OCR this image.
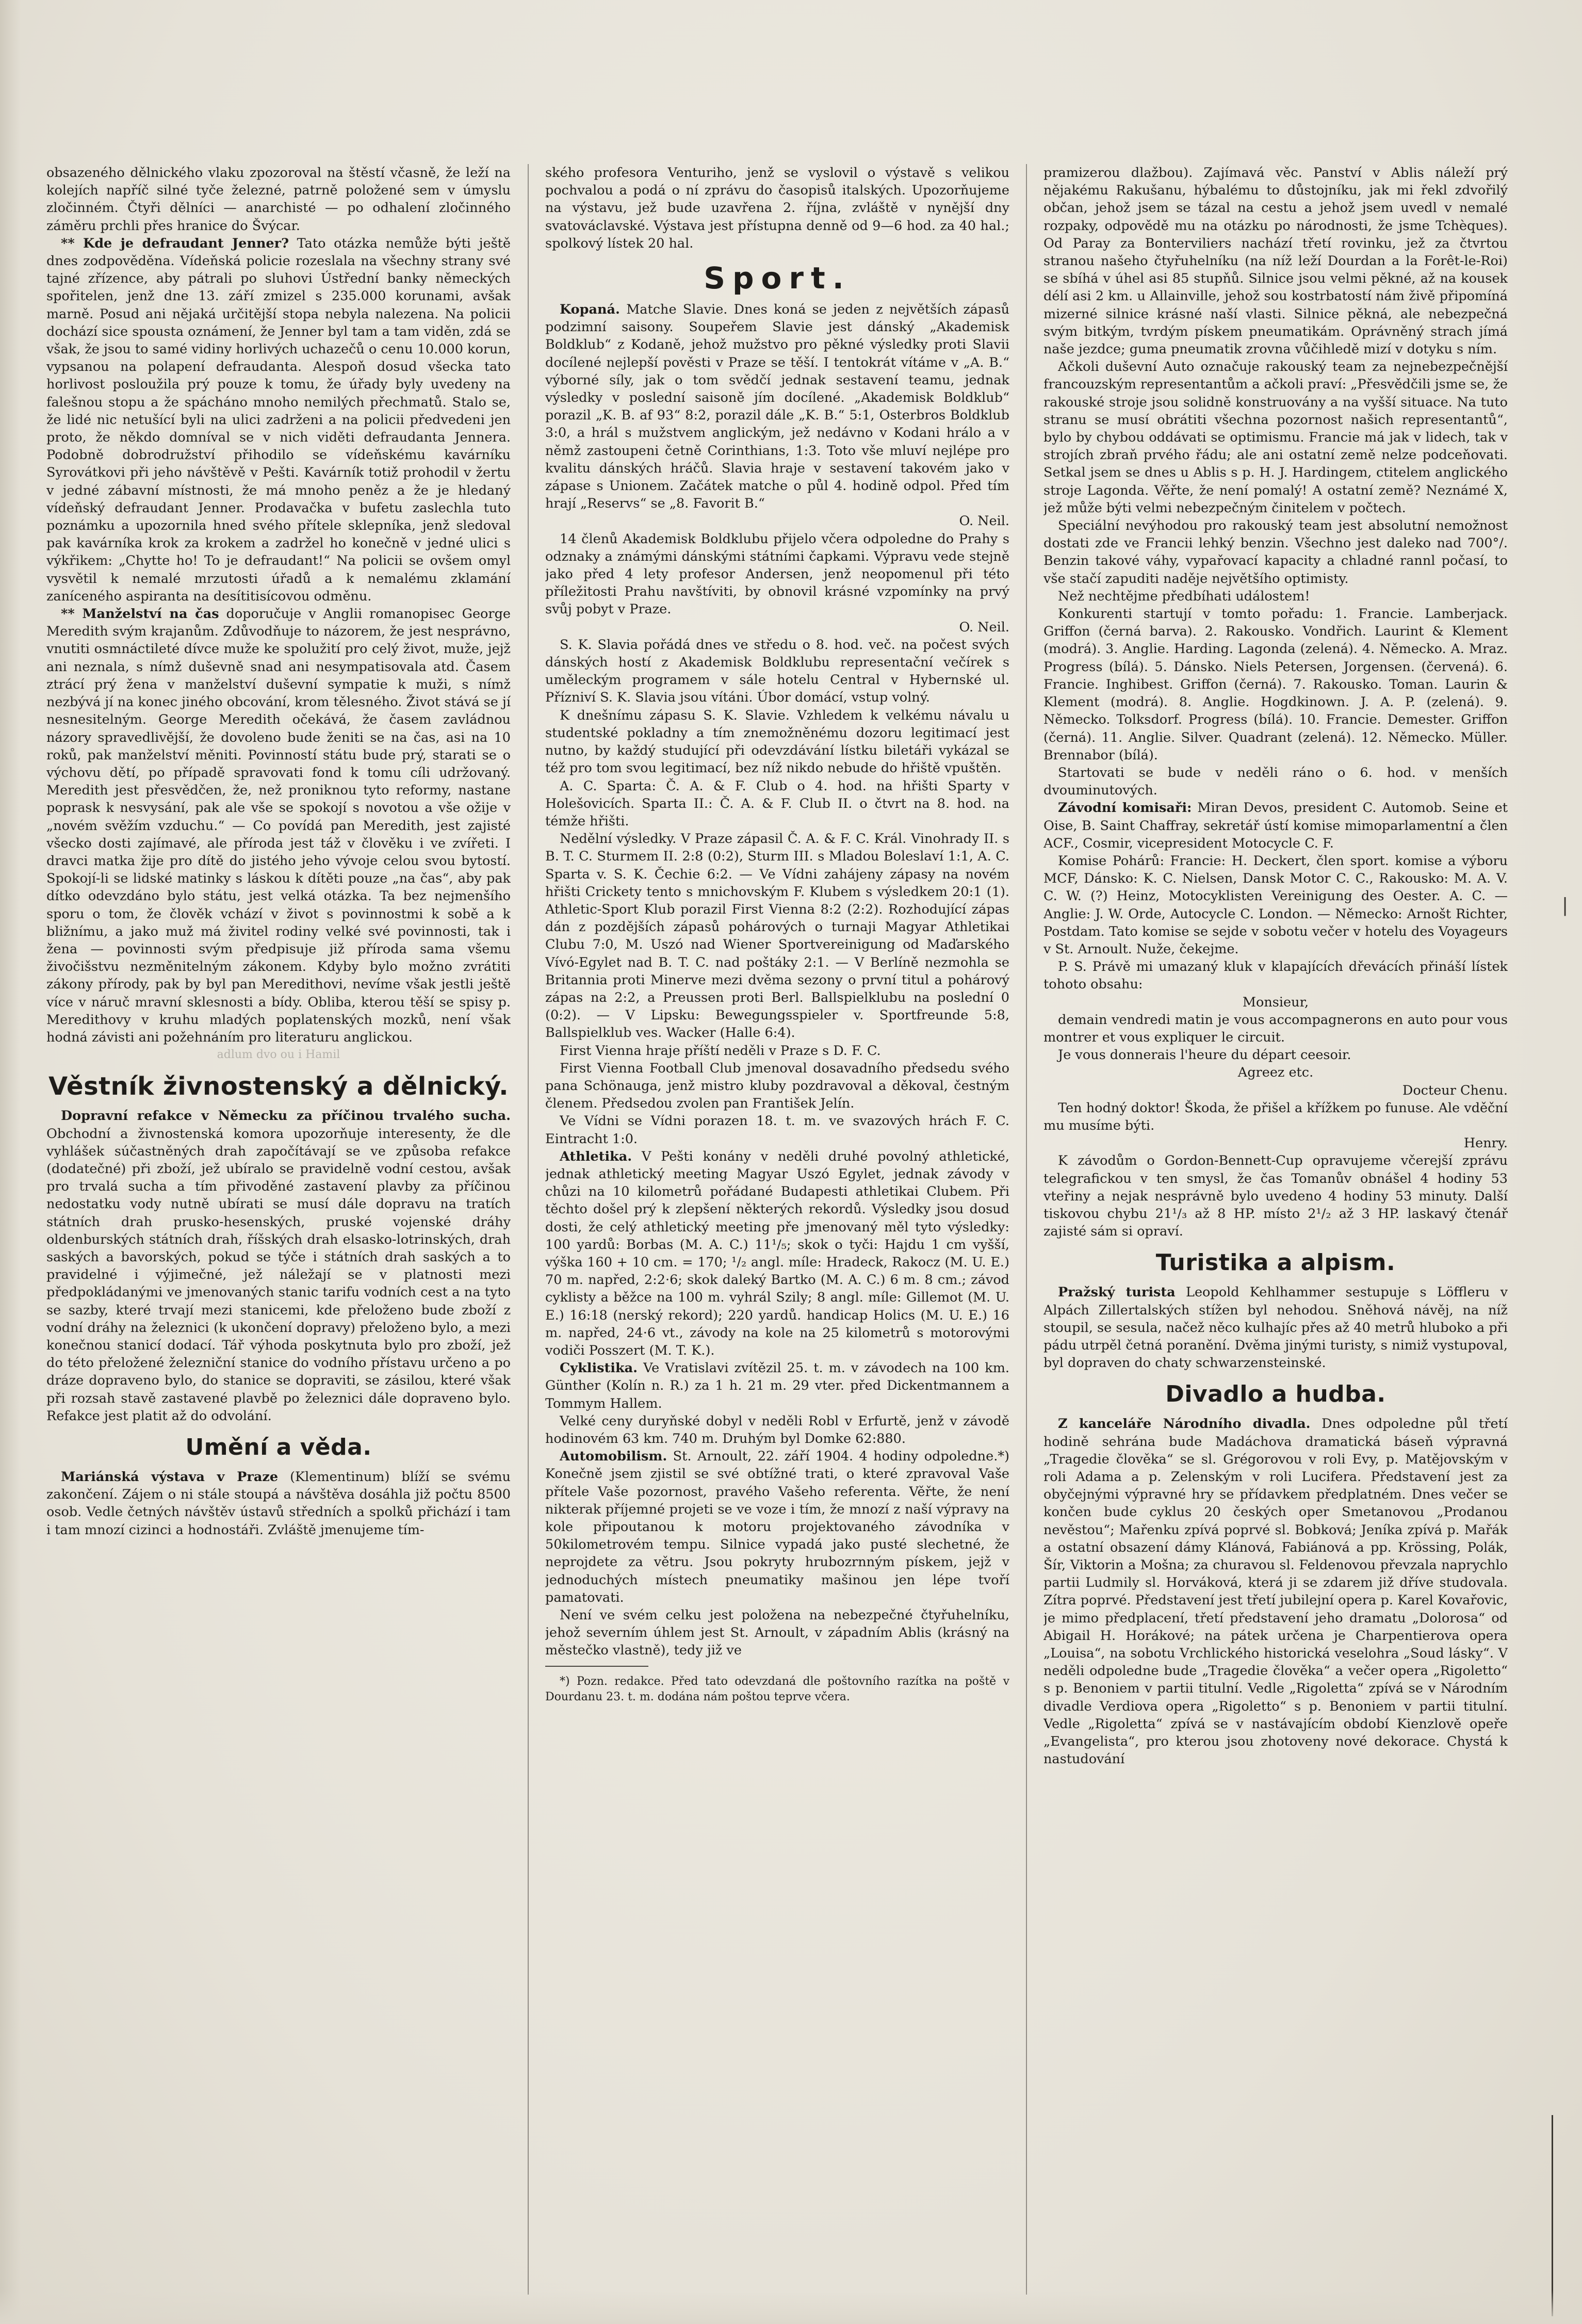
obsazeného dělnického vlaku zpozoroval na štěstí včasně, že leží na kolejích napříč silné tyče železné, patrně položené sem v úmyslu zločinném. Čtyři dělníci — anarchisté — po odhalení zločinného záměru prchli přes hranice do Švýcar.

** Kde je defraudant Jenner? Tato otázka nemůže býti ještě dnes zodpověděna. Vídeňská policie rozeslala na všechny strany své tajné zřízence, aby pátrali po sluhovi Ústřední banky německých spořitelen, jenž dne 13. září zmizel s 235.000 korunami, avšak marně. Posud ani nějaká určitější stopa nebyla nalezena. Na policii dochází sice spousta oznámení, že Jenner byl tam a tam viděn, zdá se však, že jsou to samé vidiny horlivých uchazečů o cenu 10.000 korun, vypsanou na polapení defraudanta. Alespoň dosud všecka tato horlivost posloužila prý pouze k tomu, že úřady byly uvedeny na falešnou stopu a že spácháno mnoho nemilých přechmatů. Stalo se, že lidé nic netušící byli na ulici zadrženi a na policii předvedeni jen proto, že někdo domníval se v nich viděti defraudanta Jennera. Podobně dobrodružství přihodilo se vídeňskému kavárníku Syrovátkovi při jeho návštěvě v Pešti. Kavárník totiž prohodil v žertu v jedné zábavní místnosti, že má mnoho peněz a že je hledaný vídeňský defraudant Jenner. Prodavačka v bufetu zaslechla tuto poznámku a upozornila hned svého přítele sklepníka, jenž sledoval pak kavárníka krok za krokem a zadržel ho konečně v jedné ulici s výkřikem: „Chytte ho! To je defraudant!“ Na policii se ovšem omyl vysvětil k nemalé mrzutosti úřadů a k nemalému zklamání zaníceného aspiranta na desítitisícovou odměnu.

** Manželství na čas doporučuje v Anglii romanopisec George Meredith svým krajanům. Zdůvodňuje to názorem, že jest nesprávno, vnutiti osmnáctileté dívce muže ke spolužití pro celý život, muže, jejž ani neznala, s nímž duševně snad ani nesympatisovala atd. Časem ztrácí prý žena v manželství duševní sympatie k muži, s nímž nezbývá jí na konec jiného obcování, krom tělesného. Život stává se jí nesnesitelným. George Meredith očekává, že časem zavládnou názory spravedlivější, že dovoleno bude ženiti se na čas, asi na 10 roků, pak manželství měniti. Povinností státu bude prý, starati se o výchovu dětí, po případě spravovati fond k tomu cíli udržovaný. Meredith jest přesvědčen, že, než proniknou tyto reformy, nastane poprask k nesvysání, pak ale vše se spokojí s novotou a vše ožije v „novém svěžím vzduchu.“ — Co povídá pan Meredith, jest zajisté všecko dosti zajímavé, ale příroda jest táž v člověku i ve zvířeti. I dravci matka žije pro dítě do jistého jeho vývoje celou svou bytostí. Spokojí-li se lidské matinky s láskou k dítěti pouze „na čas“, aby pak dítko odevzdáno bylo státu, jest velká otázka. Ta bez nejmenšího sporu o tom, že člověk vchází v život s povinnostmi k sobě a k bližnímu, a jako muž má živitel rodiny velké své povinnosti, tak i žena — povinnosti svým předpisuje již příroda sama všemu živočišstvu nezměnitelným zákonem. Kdyby bylo možno zvrátiti zákony přírody, pak by byl pan Meredithovi, nevíme však jestli ještě více v náruč mravní sklesnosti a bídy. Obliba, kterou těší se spisy p. Meredithovy v kruhu mladých poplatenských mozků, není však hodná závisti ani požehnáním pro literaturu anglickou.

adlum dvo ou i Hamil

Věstník živnostenský a dělnický.

Dopravní refakce v Německu za příčinou trvalého sucha. Obchodní a živnostenská komora upozorňuje interesenty, že dle vyhlášek súčastněných drah započítávají se ve způsoba refakce (dodatečné) při zboží, jež ubíralo se pravidelně vodní cestou, avšak pro trvalá sucha a tím přivoděné zastavení plavby za příčinou nedostatku vody nutně ubírati se musí dále dopravu na tratích státních drah prusko-hesenských, pruské vojenské dráhy oldenburských státních drah, říšských drah elsasko-lotrinských, drah saských a bavorských, pokud se týče i státních drah saských a to pravidelné i výjimečné, jež náležají se v platnosti mezi předpokládanými ve jmenovaných stanic tarifu vodních cest a na tyto se sazby, které trvají mezi stanicemi, kde přeloženo bude zboží z vodní dráhy na železnici (k ukončení dopravy) přeloženo bylo, a mezi konečnou stanicí dodací. Tář výhoda poskytnuta bylo pro zboží, jež do této přeložené železniční stanice do vodního přístavu určeno a po dráze dopraveno bylo, do stanice se dopraviti, se zásilou, které však při rozsah stavě zastavené plavbě po železnici dále dopraveno bylo. Refakce jest platit až do odvolání.

Umění a věda.

Mariánská výstava v Praze (Klementinum) blíží se svému zakončení. Zájem o ni stále stoupá a návštěva dosáhla již počtu 8500 osob. Vedle četných návštěv ústavů středních a spolků přichází i tam i tam mnozí cizinci a hodnostáři. Zvláště jmenujeme tím-

ského profesora Venturiho, jenž se vyslovil o výstavě s velikou pochvalou a podá o ní zprávu do časopisů italských. Upozorňujeme na výstavu, jež bude uzavřena 2. října, zvláště v nynější dny svatováclavské. Výstava jest přístupna denně od 9—6 hod. za 40 hal.; spolkový lístek 20 hal.

Sport.

Kopaná. Matche Slavie. Dnes koná se jeden z největších zápasů podzimní saisony. Soupeřem Slavie jest dánský „Akademisk Boldklub“ z Kodaně, jehož mužstvo pro pěkné výsledky proti Slavii docílené nejlepší pověsti v Praze se těší. I tentokrát vítáme v „A. B.“ výborné síly, jak o tom svědčí jednak sestavení teamu, jednak výsledky v poslední saisoně jím docílené. „Akademisk Boldklub“ porazil „K. B. af 93“ 8:2, porazil dále „K. B.“ 5:1, Osterbros Boldklub 3:0, a hrál s mužstvem anglickým, jež nedávno v Kodani hrálo a v němž zastoupeni četně Corinthians, 1:3. Toto vše mluví nejlépe pro kvalitu dánských hráčů. Slavia hraje v sestavení takovém jako v zápase s Unionem. Začátek matche o půl 4. hodině odpol. Před tím hrají „Reservs“ se „8. Favorit B.“

O. Neil.

14 členů Akademisk Boldklubu přijelo včera odpoledne do Prahy s odznaky a známými dánskými státními čapkami. Výpravu vede stejně jako před 4 lety profesor Andersen, jenž neopomenul při této příležitosti Prahu navštíviti, by obnovil krásné vzpomínky na prvý svůj pobyt v Praze.

O. Neil.

S. K. Slavia pořádá dnes ve středu o 8. hod. več. na počest svých dánských hostí z Akademisk Boldklubu representační večírek s uměleckým programem v sále hotelu Central v Hybernské ul. Přízniví S. K. Slavia jsou vítáni. Úbor domácí, vstup volný.

K dnešnímu zápasu S. K. Slavie. Vzhledem k velkému návalu u studentské pokladny a tím znemožněnému dozoru legitimací jest nutno, by každý studující při odevzdávání lístku biletáři vykázal se též pro tom svou legitimací, bez níž nikdo nebude do hřiště vpuštěn.

A. C. Sparta: Č. A. & F. Club o 4. hod. na hřišti Sparty v Holešovicích. Sparta II.: Č. A. & F. Club II. o čtvrt na 8. hod. na témže hřišti.

Nedělní výsledky. V Praze zápasil Č. A. & F. C. Král. Vinohrady II. s B. T. C. Sturmem II. 2:8 (0:2), Sturm III. s Mladou Boleslaví 1:1, A. C. Sparta v. S. K. Čechie 6:2. — Ve Vídni zahájeny zápasy na novém hřišti Crickety tento s mnichovským F. Klubem s výsledkem 20:1 (1). Athletic-Sport Klub porazil First Vienna 8:2 (2:2). Rozhodující zápas dán z pozdějších zápasů pohárových o turnaji Magyar Athletikai Clubu 7:0, M. Uszó nad Wiener Sportvereinigung od Maďarského Vívó-Egylet nad B. T. C. nad poštáky 2:1. — V Berlíně nezmohla se Britannia proti Minerve mezi dvěma sezony o první titul a pohárový zápas na 2:2, a Preussen proti Berl. Ballspielklubu na poslední 0 (0:2). — V Lipsku: Bewegungsspieler v. Sportfreunde 5:8, Ballspielklub ves. Wacker (Halle 6:4).

First Vienna hraje příští neděli v Praze s D. F. C.

First Vienna Football Club jmenoval dosavadního předsedu svého pana Schönauga, jenž mistro kluby pozdravoval a děkoval, čestným členem. Předsedou zvolen pan František Jelín.

Ve Vídni se Vídni porazen 18. t. m. ve svazových hrách F. C. Eintracht 1:0.

Athletika. V Pešti konány v neděli druhé povolný athletické, jednak athletický meeting Magyar Uszó Egylet, jednak závody v chůzi na 10 kilometrů pořádané Budapesti athletikai Clubem. Při těchto došel prý k zlepšení některých rekordů. Výsledky jsou dosud dosti, že celý athletický meeting pře jmenovaný měl tyto výsledky: 100 yardů: Borbas (M. A. C.) 11¹/₅; skok o tyči: Hajdu 1 cm vyšší, výška 160 + 10 cm. = 170; ¹/₂ angl. míle: Hradeck, Rakocz (M. U. E.) 70 m. napřed, 2:2·6; skok daleký Bartko (M. A. C.) 6 m. 8 cm.; závod cyklisty a běžce na 100 m. vyhrál Szily; 8 angl. míle: Gillemot (M. U. E.) 16:18 (nerský rekord); 220 yardů. handicap Holics (M. U. E.) 16 m. napřed, 24·6 vt., závody na kole na 25 kilometrů s motorovými vodiči Posszert (M. T. K.).

Cyklistika. Ve Vratislavi zvítězil 25. t. m. v závodech na 100 km. Günther (Kolín n. R.) za 1 h. 21 m. 29 vter. před Dickentmannem a Tommym Hallem.

Velké ceny duryňské dobyl v neděli Robl v Erfurtě, jenž v závodě hodinovém 63 km. 740 m. Druhým byl Domke 62:880.

Automobilism. St. Arnoult, 22. září 1904. 4 hodiny odpoledne.*) Konečně jsem zjistil se své obtížné trati, o které zpravoval Vaše přítele Vaše pozornost, pravého Vašeho referenta. Věřte, že není nikterak příjemné projeti se ve voze i tím, že mnozí z naší výpravy na kole připoutanou k motoru projektovaného závodníka v 50kilometrovém tempu. Silnice vypadá jako pusté slechetné, že neprojdete za větru. Jsou pokryty hrubozrnným pískem, jejž v jednoduchých místech pneumatiky mašinou jen lépe tvoří pamatovati.

Není ve svém celku jest položena na nebezpečné čtyřuhelníku, jehož severním úhlem jest St. Arnoult, v západním Ablis (krásný na městečko vlastně), tedy již ve

*) Pozn. redakce. Před tato odevzdaná dle poštovního razítka na poště v Dourdanu 23. t. m. dodána nám poštou teprve včera.

pramizerou dlažbou). Zajímavá věc. Panství v Ablis náleží prý nějakému Rakušanu, hýbalému to důstojníku, jak mi řekl zdvořilý občan, jehož jsem se tázal na cestu a jehož jsem uvedl v nemalé rozpaky, odpovědě mu na otázku po národnosti, že jsme Tchèques). Od Paray za Bonterviliers nachází třetí rovinku, jež za čtvrtou stranou našeho čtyřuhelníku (na níž leží Dourdan a la Forêt-le-Roi) se sbíhá v úhel asi 85 stupňů. Silnice jsou velmi pěkné, až na kousek délí asi 2 km. u Allainville, jehož sou kostrbatostí nám živě připomíná mizerné silnice krásné naší vlasti. Silnice pěkná, ale nebezpečná svým bitkým, tvrdým pískem pneumatikám. Oprávněný strach jímá naše jezdce; guma pneumatik zrovna vůčihledě mizí v dotyku s ním.

Ačkoli duševní Auto označuje rakouský team za nejnebezpečnější francouzským representantům a ačkoli praví: „Přesvědčili jsme se, že rakouské stroje jsou solidně konstruovány a na vyšší situace. Na tuto stranu se musí obrátiti všechna pozornost našich representantů“, bylo by chybou oddávati se optimismu. Francie má jak v lidech, tak v strojích zbraň prvého řádu; ale ani ostatní země nelze podceňovati. Setkal jsem se dnes u Ablis s p. H. J. Hardingem, ctitelem anglického stroje Lagonda. Věřte, že není pomalý! A ostatní země? Neznámé X, jež může býti velmi nebezpečným činitelem v počtech.

Speciální nevýhodou pro rakouský team jest absolutní nemožnost dostati zde ve Francii lehký benzin. Všechno jest daleko nad 700°/. Benzin takové váhy, vypařovací kapacity a chladné rannl počasí, to vše stačí zapuditi naděje největšího optimisty.

Než nechtějme předbíhati událostem!

Konkurenti startují v tomto pořadu: 1. Francie. Lamberjack. Griffon (černá barva). 2. Rakousko. Vondřich. Laurint & Klement (modrá). 3. Anglie. Harding. Lagonda (zelená). 4. Německo. A. Mraz. Progress (bílá). 5. Dánsko. Niels Petersen, Jorgensen. (červená). 6. Francie. Inghibest. Griffon (černá). 7. Rakousko. Toman. Laurin & Klement (modrá). 8. Anglie. Hogdkinown. J. A. P. (zelená). 9. Německo. Tolksdorf. Progress (bílá). 10. Francie. Demester. Griffon (černá). 11. Anglie. Silver. Quadrant (zelená). 12. Německo. Müller. Brennabor (bílá).

Startovati se bude v neděli ráno o 6. hod. v menších dvouminutových.

Závodní komisaři: Miran Devos, president C. Automob. Seine et Oise, B. Saint Chaffray, sekretář ústí komise mimoparlamentní a člen ACF., Cosmir, vicepresident Motocycle C. F.

Komise Pohárů: Francie: H. Deckert, člen sport. komise a výboru MCF, Dánsko: K. C. Nielsen, Dansk Motor C. C., Rakousko: M. A. V. C. W. (?) Heinz, Motocyklisten Vereinigung des Oester. A. C. — Anglie: J. W. Orde, Autocycle C. London. — Německo: Arnošt Richter, Postdam. Tato komise se sejde v sobotu večer v hotelu des Voyageurs v St. Arnoult. Nuže, čekejme.

P. S. Právě mi umazaný kluk v klapajících dřevácích přináší lístek tohoto obsahu:

Monsieur,

demain vendredi matin je vous accompagnerons en auto pour vous montrer et vous expliquer le circuit.

Je vous donnerais l'heure du départ ceesoir.

Agreez etc.

Docteur Chenu.

Ten hodný doktor! Škoda, že přišel a křížkem po funuse. Ale vděční mu musíme býti.

Henry.

K závodům o Gordon-Bennett-Cup opravujeme včerejší zprávu telegrafickou v ten smysl, že čas Tomanův obnášel 4 hodiny 53 vteřiny a nejak nesprávně bylo uvedeno 4 hodiny 53 minuty. Další tiskovou chybu 21¹/₃ až 8 HP. místo 2¹/₂ až 3 HP. laskavý čtenář zajisté sám si opraví.

Turistika a alpism.

Pražský turista Leopold Kehlhammer sestupuje s Löffleru v Alpách Zillertalských stížen byl nehodou. Sněhová návěj, na níž stoupil, se sesula, načež něco kulhajíc přes až 40 metrů hluboko a při pádu utrpěl četná poranění. Dvěma jinými turisty, s nimiž vystupoval, byl dopraven do chaty schwarzensteinské.

Divadlo a hudba.

Z kanceláře Národního divadla. Dnes odpoledne půl třetí hodině sehrána bude Madáchova dramatická báseň výpravná „Tragedie člověka“ se sl. Grégorovou v roli Evy, p. Matějovským v roli Adama a p. Zelenským v roli Lucifera. Představení jest za obyčejnými výpravné hry se přídavkem předplatném. Dnes večer se končen bude cyklus 20 českých oper Smetanovou „Prodanou nevěstou“; Mařenku zpívá poprvé sl. Bobková; Jeníka zpívá p. Mařák a ostatní obsazení dámy Klánová, Fabiánová a pp. Krössing, Polák, Šír, Viktorin a Mošna; za churavou sl. Feldenovou převzala naprychlo partii Ludmily sl. Horváková, která ji se zdarem již dříve studovala. Zítra poprvé. Představení jest třetí jubilejní opera p. Karel Kovařovic, je mimo předplacení, třetí představení jeho dramatu „Dolorosa“ od Abigail H. Horákové; na pátek určena je Charpentierova opera „Louisa“, na sobotu Vrchlického historická veselohra „Soud lásky“. V neděli odpoledne bude „Tragedie člověka“ a večer opera „Rigoletto“ s p. Benoniem v partii titulní. Vedle „Rigoletta“ zpívá se v Národním divadle Verdiova opera „Rigoletto“ s p. Benoniem v partii titulní. Vedle „Rigoletta“ zpívá se v nastávajícím období Kienzlově opeře „Evangelista“, pro kterou jsou zhotoveny nové dekorace. Chystá k nastudování

|
